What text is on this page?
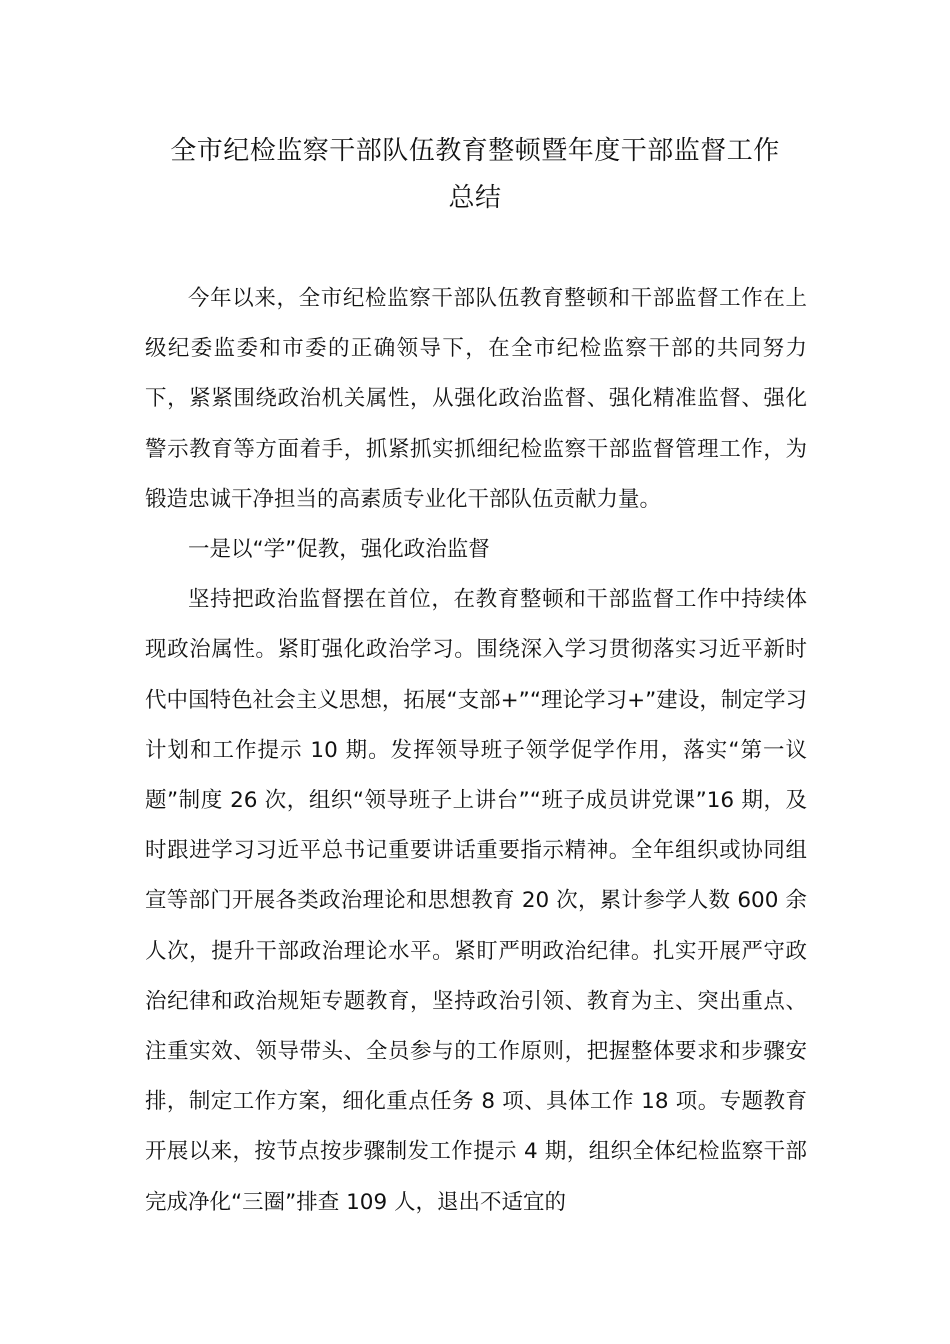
全市纪检监察干部队伍教育整顿暨年度干部监督工作
总结

今年以来，全市纪检监察干部队伍教育整顿和干部监督工作在上级纪委监委和市委的正确领导下，在全市纪检监察干部的共同努力下，紧紧围绕政治机关属性，从强化政治监督、强化精准监督、强化警示教育等方面着手，抓紧抓实抓细纪检监察干部监督管理工作，为锻造忠诚干净担当的高素质专业化干部队伍贡献力量。

一是以“学”促教，强化政治监督

坚持把政治监督摆在首位，在教育整顿和干部监督工作中持续体现政治属性。紧盯强化政治学习。围绕深入学习贯彻落实习近平新时代中国特色社会主义思想，拓展“支部+”“理论学习+”建设，制定学习计划和工作提示 10 期。发挥领导班子领学促学作用，落实“第一议题”制度 26 次，组织“领导班子上讲台”“班子成员讲党课”16 期，及时跟进学习习近平总书记重要讲话重要指示精神。全年组织或协同组宣等部门开展各类政治理论和思想教育 20 次，累计参学人数 600 余人次，提升干部政治理论水平。紧盯严明政治纪律。扎实开展严守政治纪律和政治规矩专题教育，坚持政治引领、教育为主、突出重点、注重实效、领导带头、全员参与的工作原则，把握整体要求和步骤安排，制定工作方案，细化重点任务 8 项、具体工作 18 项。专题教育开展以来，按节点按步骤制发工作提示 4 期，组织全体纪检监察干部完成净化“三圈”排查 109 人，退出不适宜的
